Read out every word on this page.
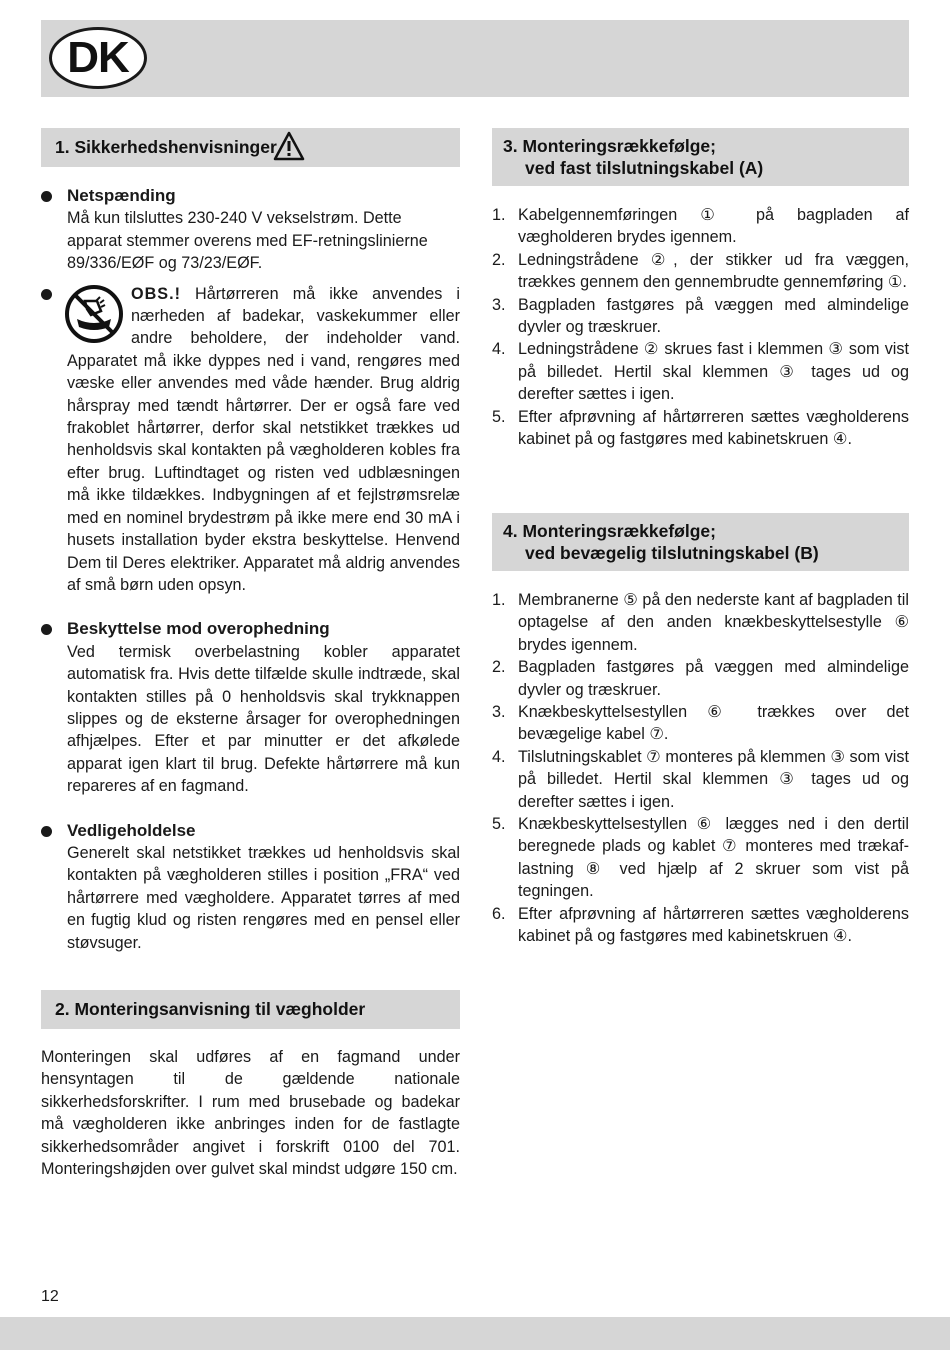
DK
1. Sikkerhedshenvisninger
Netspænding
Må kun tilsluttes 230-240 V vekselstrøm. Dette apparat stemmer overens med EF-retningslinierne 89/336/EØF og 73/23/EØF.
OBS.! Hårtørreren må ikke anvendes i nærheden af badekar, vaskekummer eller andre beholdere, der indeholder vand. Apparatet må ikke dyppes ned i vand, rengøres med væske eller anvendes med våde hænder. Brug aldrig hårspray med tændt hårtørrer. Der er også fare ved frakoblet hårtørrer, derfor skal netstikket trækkes ud henholdsvis skal kontakten på vægholderen kobles fra efter brug. Luftindtaget og risten ved udblæsningen må ikke tildækkes. Indbygningen af et fejlstrømsrelæ med en nominel brydestrøm på ikke mere end 30 mA i husets installation byder ekstra beskyttelse. Henvend Dem til Deres elektriker. Apparatet må aldrig anvendes af små børn uden opsyn.
Beskyttelse mod overophedning
Ved termisk overbelastning kobler apparatet automatisk fra. Hvis dette tilfælde skulle indtræde, skal kontakten stilles på 0 henholdsvis skal trykknappen slippes og de eksterne årsager for overophedningen afhjælpes. Efter et par minutter er det afkølede apparat igen klart til brug. Defekte hårtørrere må kun repareres af en fagmand.
Vedligeholdelse
Generelt skal netstikket trækkes ud henholdsvis skal kontakten på vægholderen stilles i position „FRA“ ved hårtørrere med vægholdere. Apparatet tørres af med en fugtig klud og risten rengøres med en pensel eller støvsuger.
2. Monteringsanvisning til vægholder
Monteringen skal udføres af en fagmand under hensyntagen til de gældende nationale sikkerhedsforskrifter. I rum med brusebade og badekar må vægholderen ikke anbringes inden for de fastlagte sikkerhedsområder angivet i forskrift 0100 del 701. Monteringshøjden over gulvet skal mindst udgøre 150 cm.
3. Monteringsrækkefølge;
ved fast tilslutningskabel (A)
1. Kabelgennemføringen ① på bagpladen af vægholderen brydes igennem.
2. Ledningstrådene ②, der stikker ud fra væggen, trækkes gennem den gennembrudte gennemføring ①.
3. Bagpladen fastgøres på væggen med almindelige dyvler og træskruer.
4. Ledningstrådene ② skrues fast i klemmen ③ som vist på billedet. Hertil skal klemmen ③ tages ud og derefter sættes i igen.
5. Efter afprøvning af hårtørreren sættes vægholderens kabinet på og fastgøres med kabinetskruen ④.
4. Monteringsrækkefølge;
ved bevægelig tilslutningskabel (B)
1. Membranerne ⑤ på den nederste kant af bagpladen til optagelse af den anden knækbeskyttelsestylle ⑥ brydes igennem.
2. Bagpladen fastgøres på væggen med almindelige dyvler og træskruer.
3. Knækbeskyttelsestyllen ⑥ trækkes over det bevægelige kabel ⑦.
4. Tilslutningskablet ⑦ monteres på klemmen ③ som vist på billedet. Hertil skal klemmen ③ tages ud og derefter sættes i igen.
5. Knækbeskyttelsestyllen ⑥ lægges ned i den dertil beregnede plads og kablet ⑦ monteres med trækaf-lastning ⑧ ved hjælp af 2 skruer som vist på tegningen.
6. Efter afprøvning af hårtørreren sættes vægholderens kabinet på og fastgøres med kabinetskruen ④.
12
